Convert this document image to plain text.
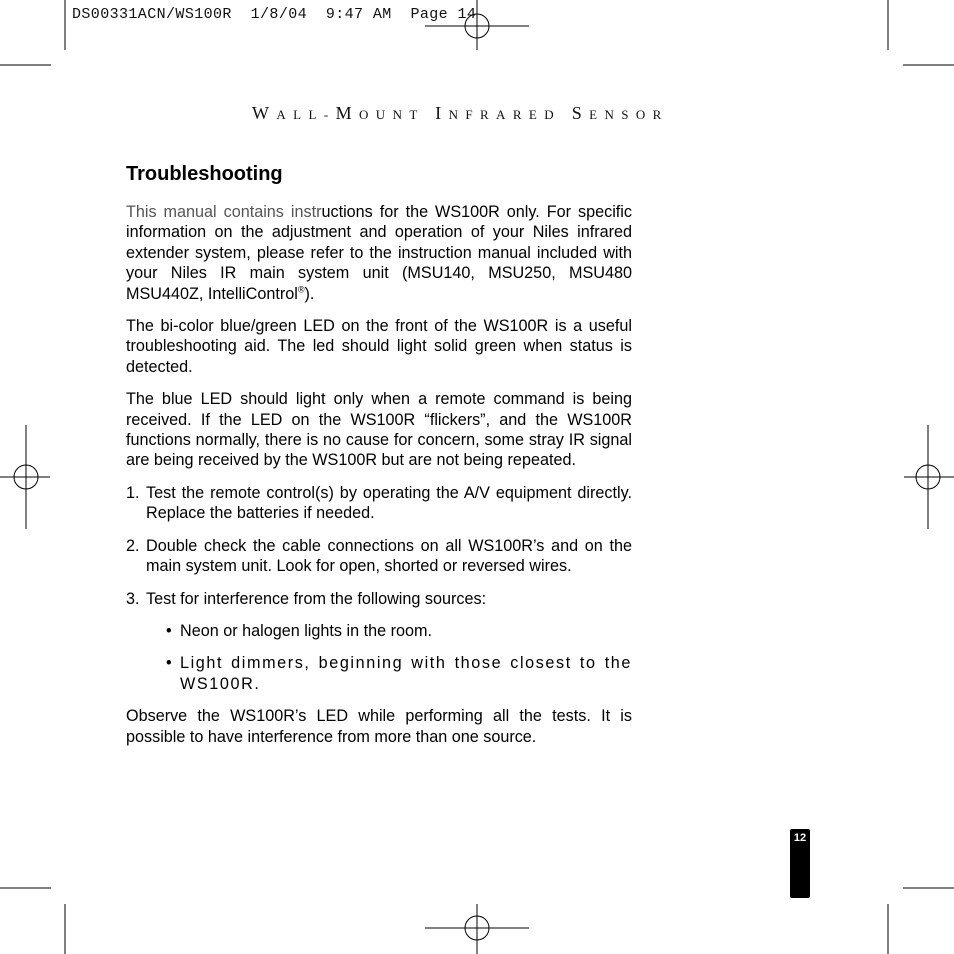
DS00331ACN/WS100R  1/8/04  9:47 AM  Page 14
WALL-MOUNT INFRARED SENSOR
Troubleshooting

This manual contains instructions for the WS100R only. For specific information on the adjustment and operation of your Niles infrared extender system, please refer to the instruction manual included with your Niles IR main system unit (MSU140, MSU250, MSU480 MSU440Z, IntelliControl®).

The bi-color blue/green LED on the front of the WS100R is a useful troubleshooting aid. The led should light solid green when status is detected.

The blue LED should light only when a remote command is being received. If the LED on the WS100R “flickers”, and the WS100R functions normally, there is no cause for concern, some stray IR signal are being received by the WS100R but are not being repeated.

1. Test the remote control(s) by operating the A/V equipment directly. Replace the batteries if needed.
2. Double check the cable connections on all WS100R’s and on the main system unit. Look for open, shorted or reversed wires.
3. Test for interference from the following sources:
• Neon or halogen lights in the room.
• Light dimmers, beginning with those closest to the WS100R.

Observe the WS100R’s LED while performing all the tests. It is possible to have interference from more than one source.

12
